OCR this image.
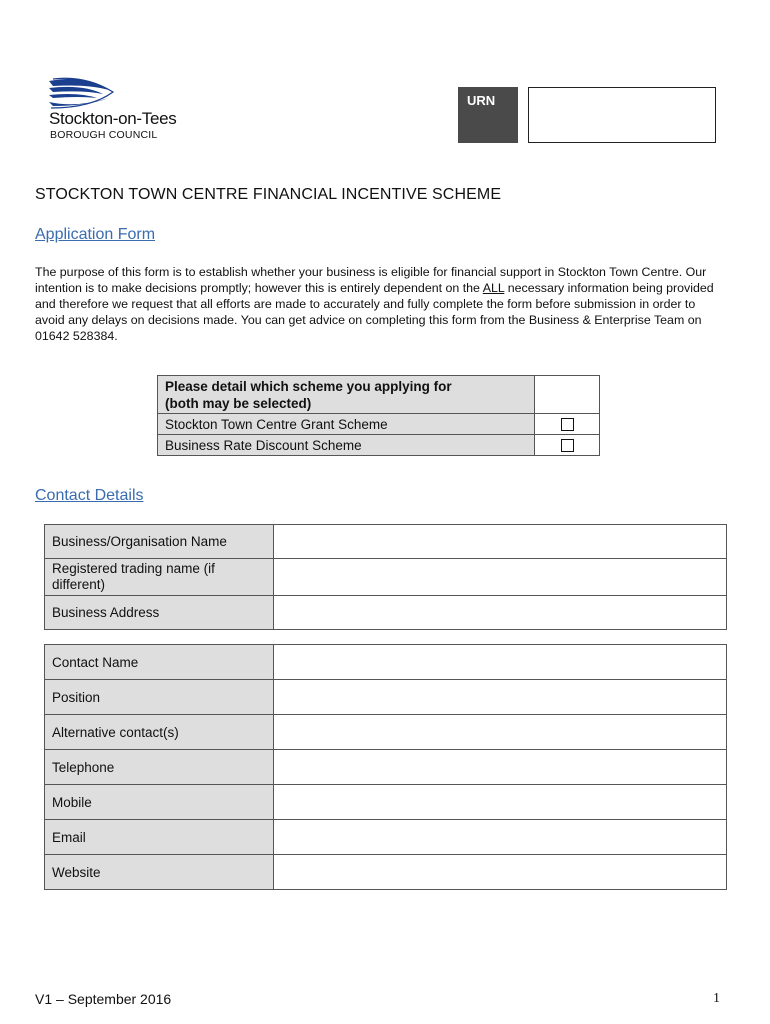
Stockton-on-Tees
BOROUGH COUNCIL
URN
STOCKTON TOWN CENTRE FINANCIAL INCENTIVE SCHEME
Application Form
The purpose of this form is to establish whether your business is eligible for financial support in Stockton Town Centre. Our intention is to make decisions promptly; however this is entirely dependent on the ALL necessary information being provided and therefore we request that all efforts are made to accurately and fully complete the form before submission in order to avoid any delays on decisions made. You can get advice on completing this form from the Business & Enterprise Team on 01642 528384.
Please detail which scheme you applying for
(both may be selected)	

Stockton Town Centre Grant Scheme	
Business Rate Discount Scheme	
Contact Details
Business/Organisation Name	
Registered trading name (if different)	
Business Address	
Contact Name	
Position	
Alternative contact(s)	
Telephone	
Mobile	
Email	
Website	
V1 – September 2016	1
